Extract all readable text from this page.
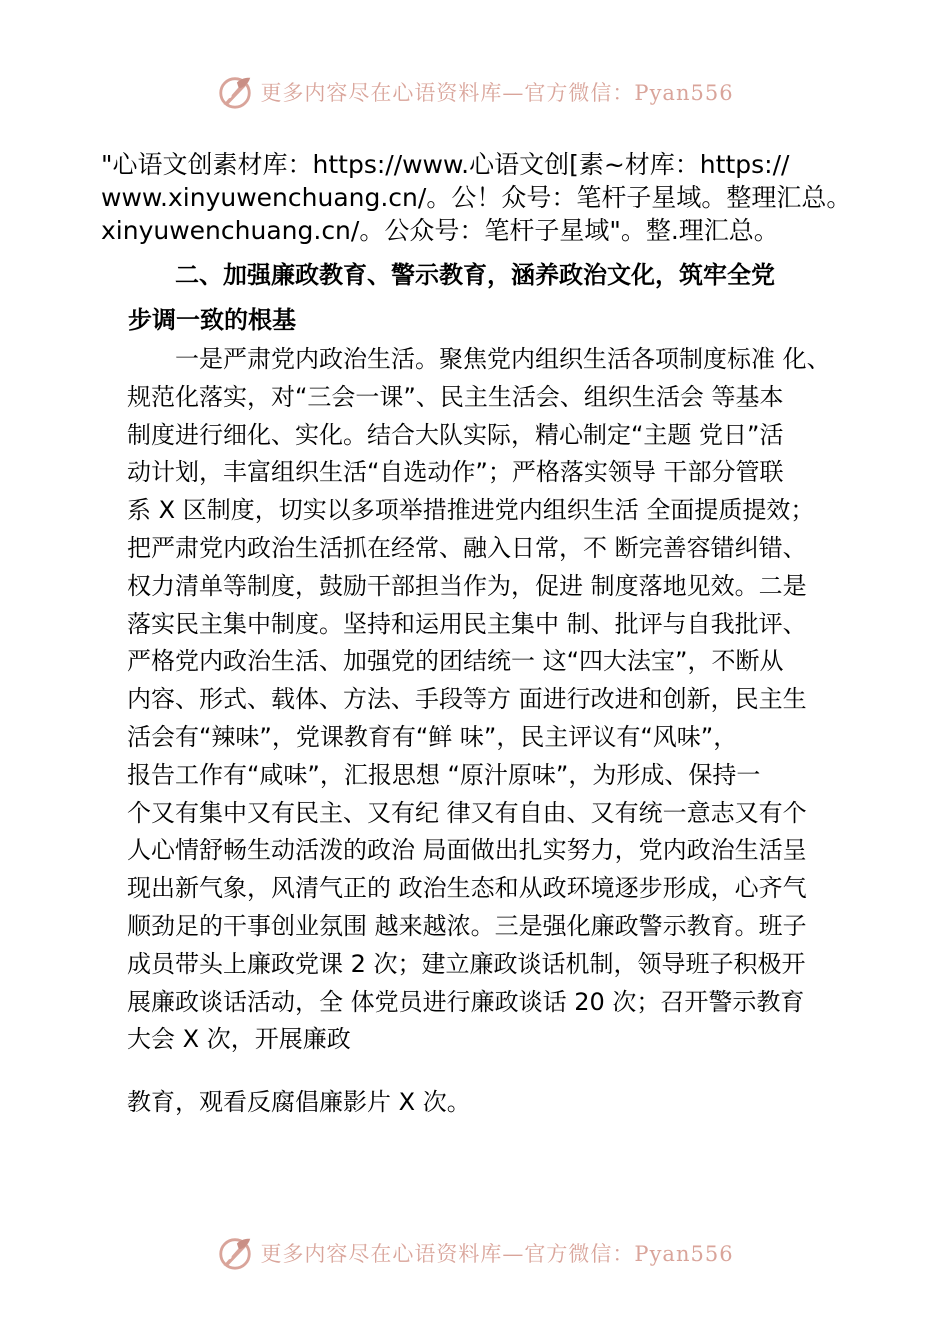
更多内容尽在心语资料库—官方微信：Pyan556
"心语文创素材库：https://www.心语文创[素~材库：https://
www.xinyuwenchuang.cn/。公！众号：笔杆子星域。整理汇总。
xinyuwenchuang.cn/。公众号：笔杆子星域"。整.理汇总。
二、加强廉政教育、警示教育，涵养政治文化，筑牢全党
步调一致的根基
　　一是严肃党内政治生活。聚焦党内组织生活各项制度标准 化、
规范化落实，对“三会一课”、民主生活会、组织生活会 等基本
制度进行细化、实化。结合大队实际，精心制定“主题 党日”活
动计划，丰富组织生活“自选动作”；严格落实领导 干部分管联
系 X 区制度，切实以多项举措推进党内组织生活 全面提质提效；
把严肃党内政治生活抓在经常、融入日常，不 断完善容错纠错、
权力清单等制度，鼓励干部担当作为，促进 制度落地见效。二是
落实民主集中制度。坚持和运用民主集中 制、批评与自我批评、
严格党内政治生活、加强党的团结统一 这“四大法宝”，不断从
内容、形式、载体、方法、手段等方 面进行改进和创新，民主生
活会有“辣味”，党课教育有“鲜 味”，民主评议有“风味”，
报告工作有“咸味”，汇报思想 “原汁原味”，为形成、保持一
个又有集中又有民主、又有纪 律又有自由、又有统一意志又有个
人心情舒畅生动活泼的政治 局面做出扎实努力，党内政治生活呈
现出新气象，风清气正的 政治生态和从政环境逐步形成，心齐气
顺劲足的干事创业氛围 越来越浓。三是强化廉政警示教育。班子
成员带头上廉政党课 2 次；建立廉政谈话机制，领导班子积极开
展廉政谈话活动，全 体党员进行廉政谈话 20 次；召开警示教育
大会 X 次，开展廉政
教育，观看反腐倡廉影片 X 次。
更多内容尽在心语资料库—官方微信：Pyan556
